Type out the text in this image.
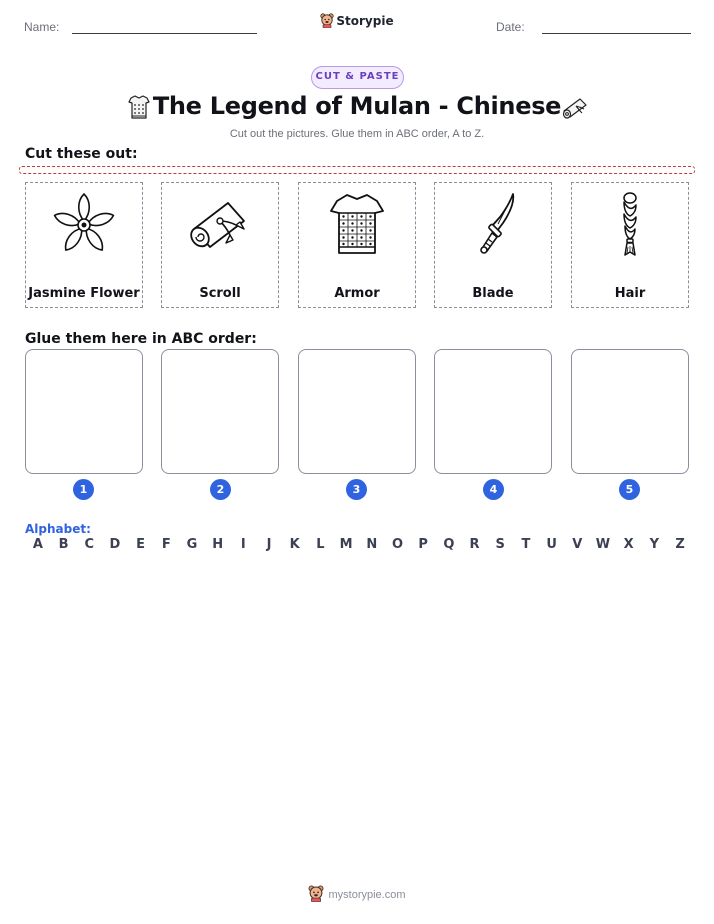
Name:	Storypie	Date:
CUT & PASTE
The Legend of Mulan - Chinese
Cut out the pictures. Glue them in ABC order, A to Z.
Cut these out:
Jasmine Flower	Scroll	Armor	Blade	Hair
Glue them here in ABC order:
1	2	3	4	5
Alphabet:
A	B	C	D	E	F	G	H	I	J	K	L	M	N	O	P	Q	R	S	T	U	V	W	X	Y	Z
mystorypie.com
